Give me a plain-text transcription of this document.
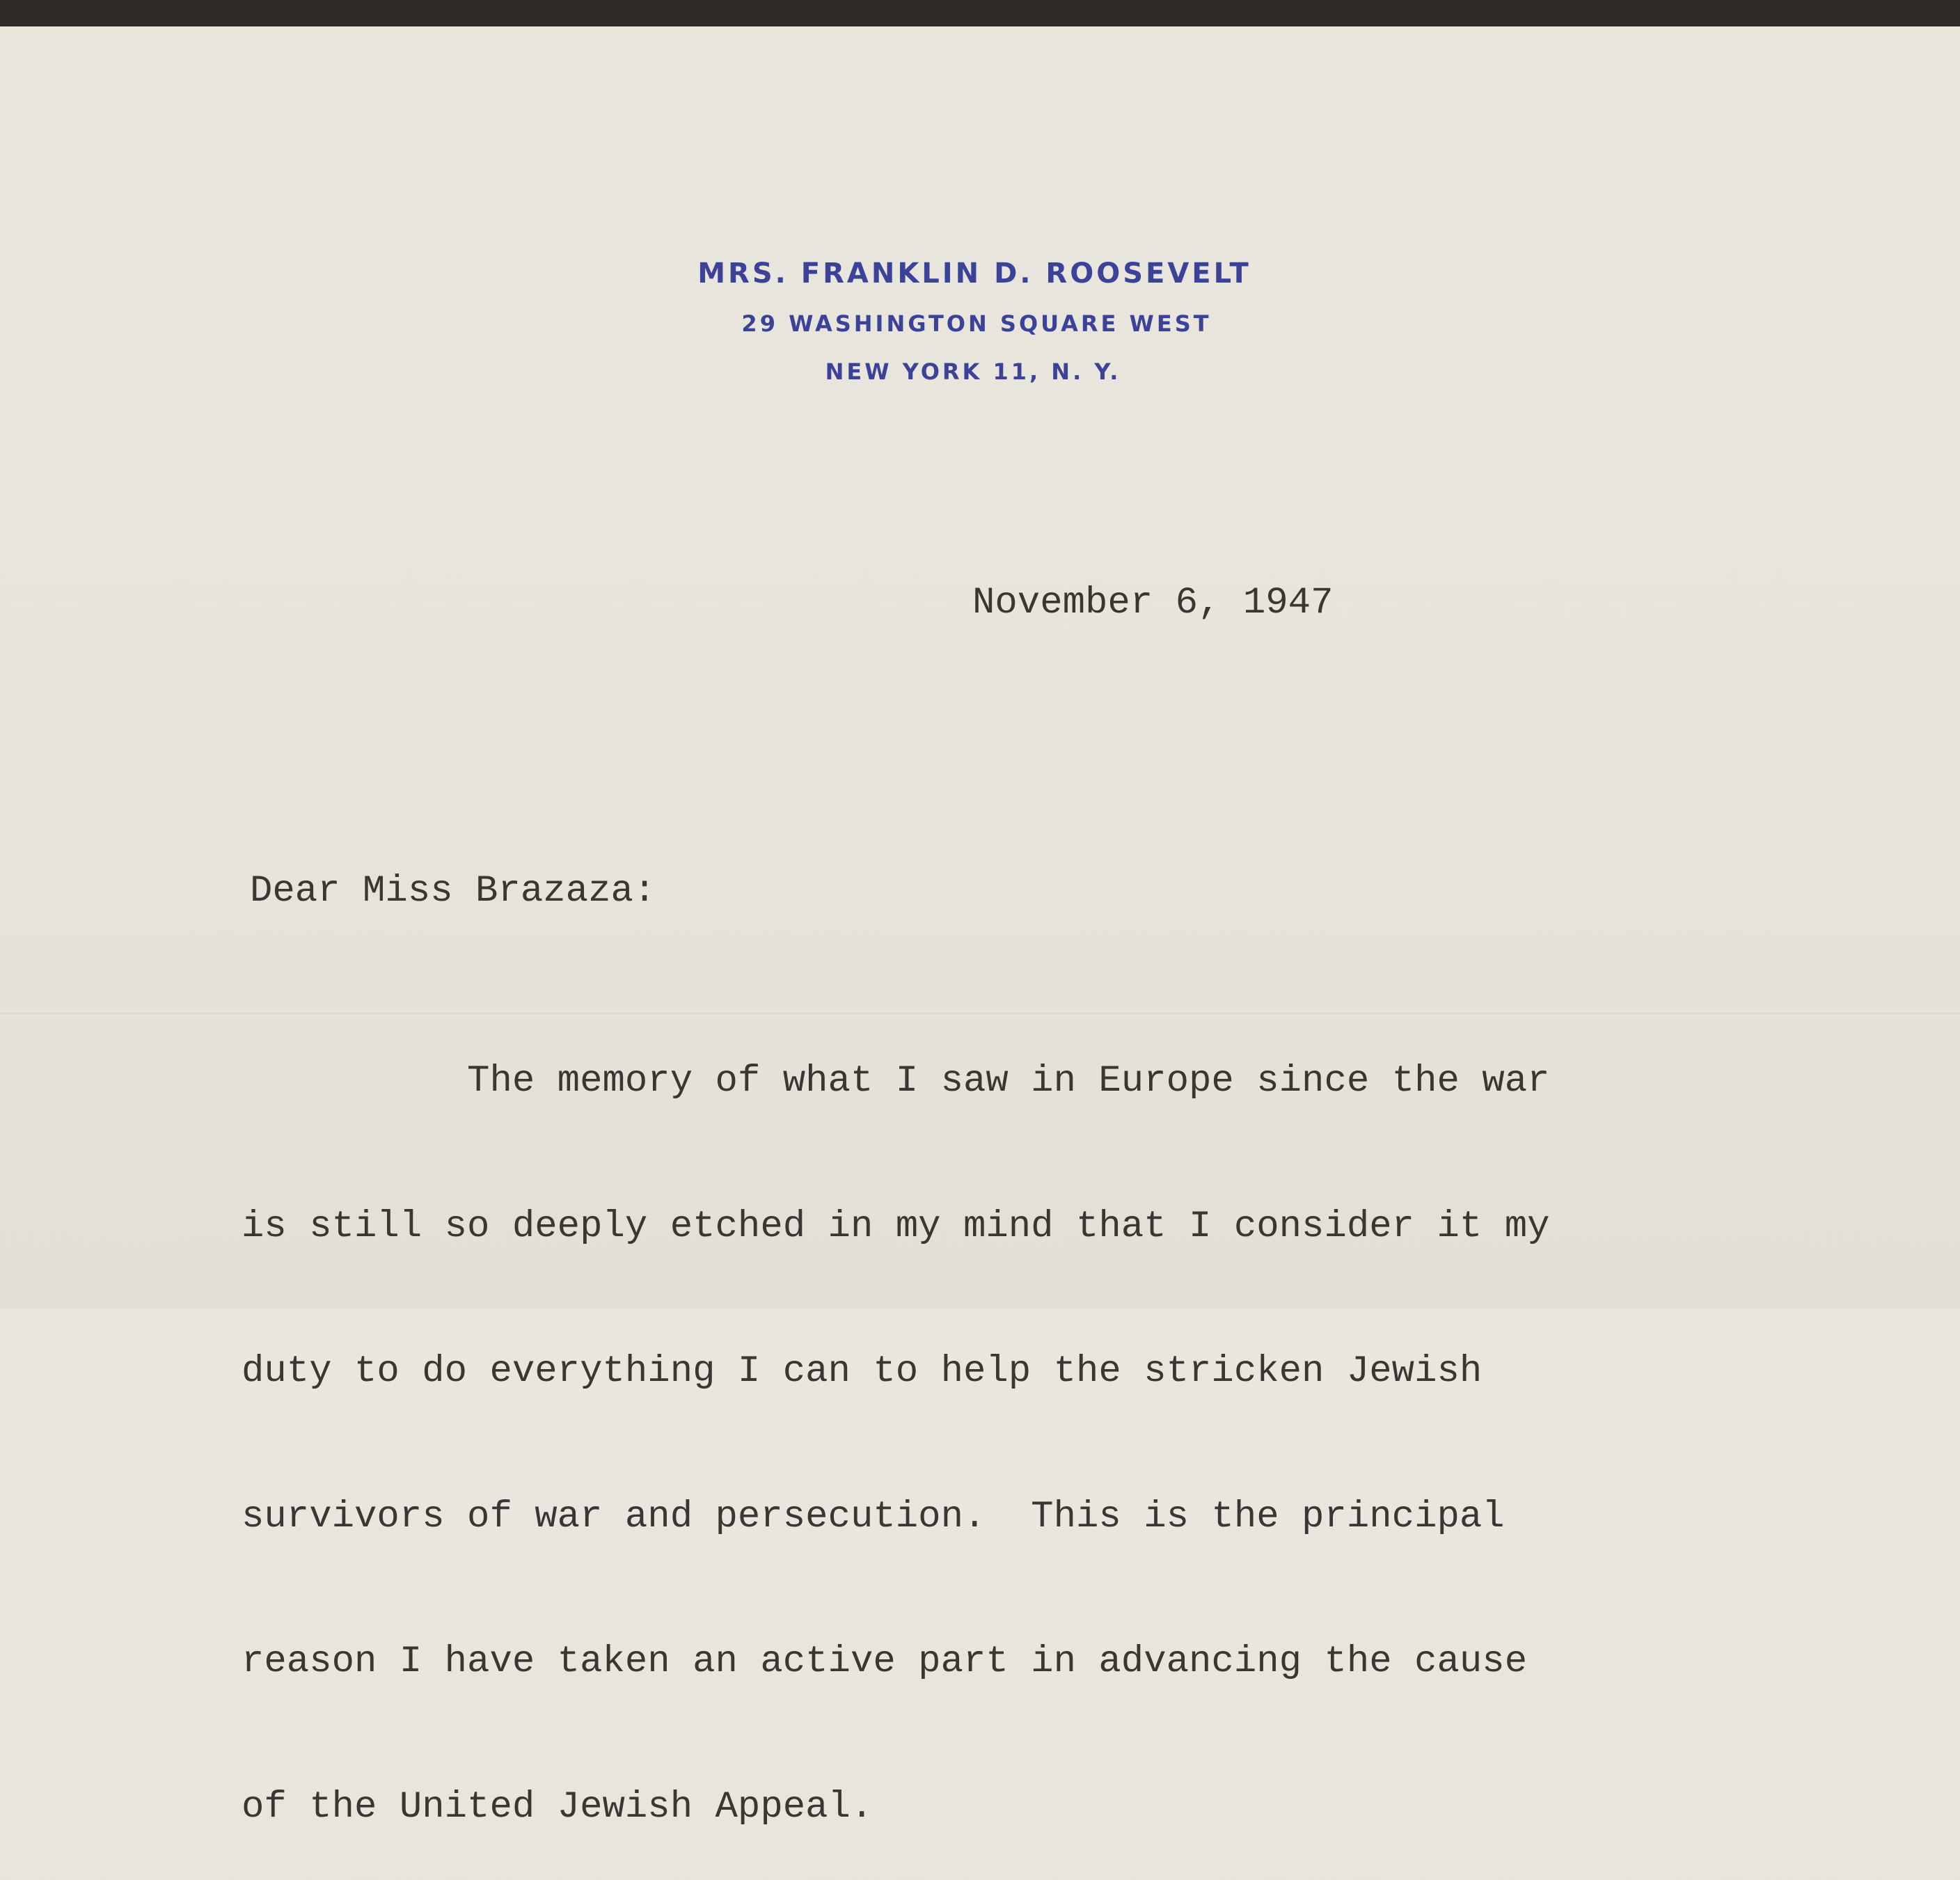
MRS. FRANKLIN D. ROOSEVELT
29 WASHINGTON SQUARE WEST
NEW YORK 11, N. Y.
November 6, 1947
Dear Miss Brazaza:

The memory of what I saw in Europe since the war

is still so deeply etched in my mind that I consider it my

duty to do everything I can to help the stricken Jewish

survivors of war and persecution.  This is the principal

reason I have taken an active part in advancing the cause

of the United Jewish Appeal.
